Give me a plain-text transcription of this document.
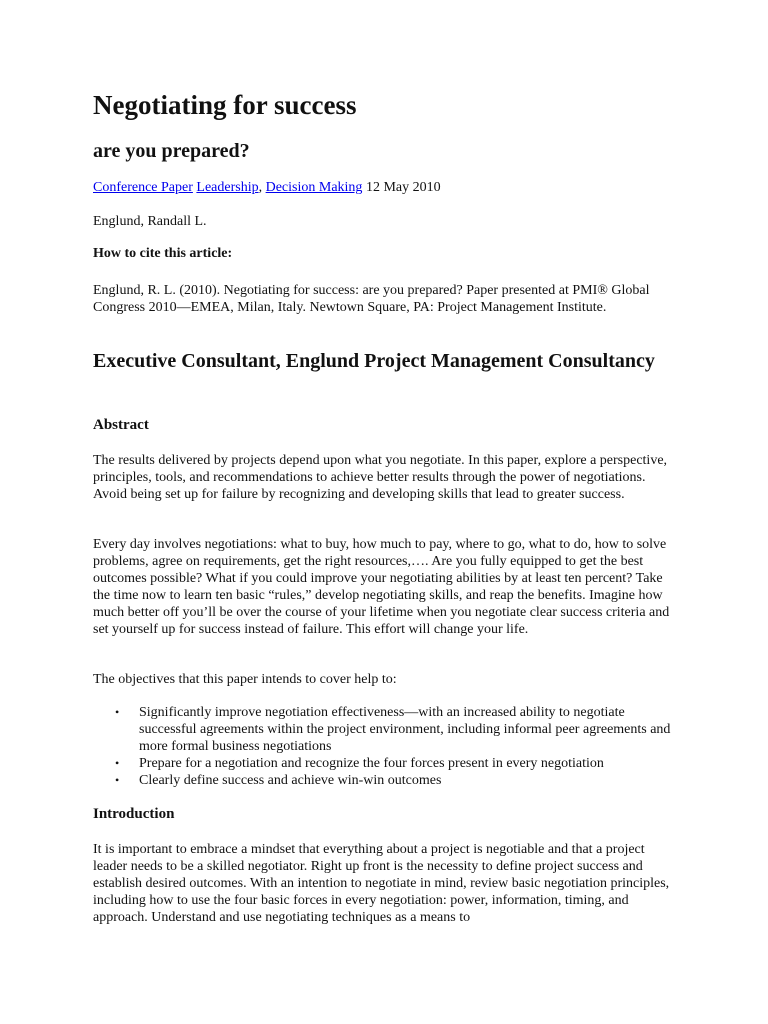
Negotiating for success
are you prepared?

Conference Paper Leadership, Decision Making 12 May 2010

Englund, Randall L.

How to cite this article:

Englund, R. L. (2010). Negotiating for success: are you prepared? Paper presented at PMI® Global Congress 2010—EMEA, Milan, Italy. Newtown Square, PA: Project Management Institute.

Executive Consultant, Englund Project Management Consultancy
Abstract

The results delivered by projects depend upon what you negotiate. In this paper, explore a perspective, principles, tools, and recommendations to achieve better results through the power of negotiations. Avoid being set up for failure by recognizing and developing skills that lead to greater success.

Every day involves negotiations: what to buy, how much to pay, where to go, what to do, how to solve problems, agree on requirements, get the right resources,…. Are you fully equipped to get the best outcomes possible? What if you could improve your negotiating abilities by at least ten percent? Take the time now to learn ten basic “rules,” develop negotiating skills, and reap the benefits. Imagine how much better off you’ll be over the course of your lifetime when you negotiate clear success criteria and set yourself up for success instead of failure. This effort will change your life.

The objectives that this paper intends to cover help to:

• Significantly improve negotiation effectiveness—with an increased ability to negotiate successful agreements within the project environment, including informal peer agreements and more formal business negotiations
• Prepare for a negotiation and recognize the four forces present in every negotiation
• Clearly define success and achieve win-win outcomes
Introduction

It is important to embrace a mindset that everything about a project is negotiable and that a project leader needs to be a skilled negotiator. Right up front is the necessity to define project success and establish desired outcomes. With an intention to negotiate in mind, review basic negotiation principles, including how to use the four basic forces in every negotiation: power, information, timing, and approach. Understand and use negotiating techniques as a means to
